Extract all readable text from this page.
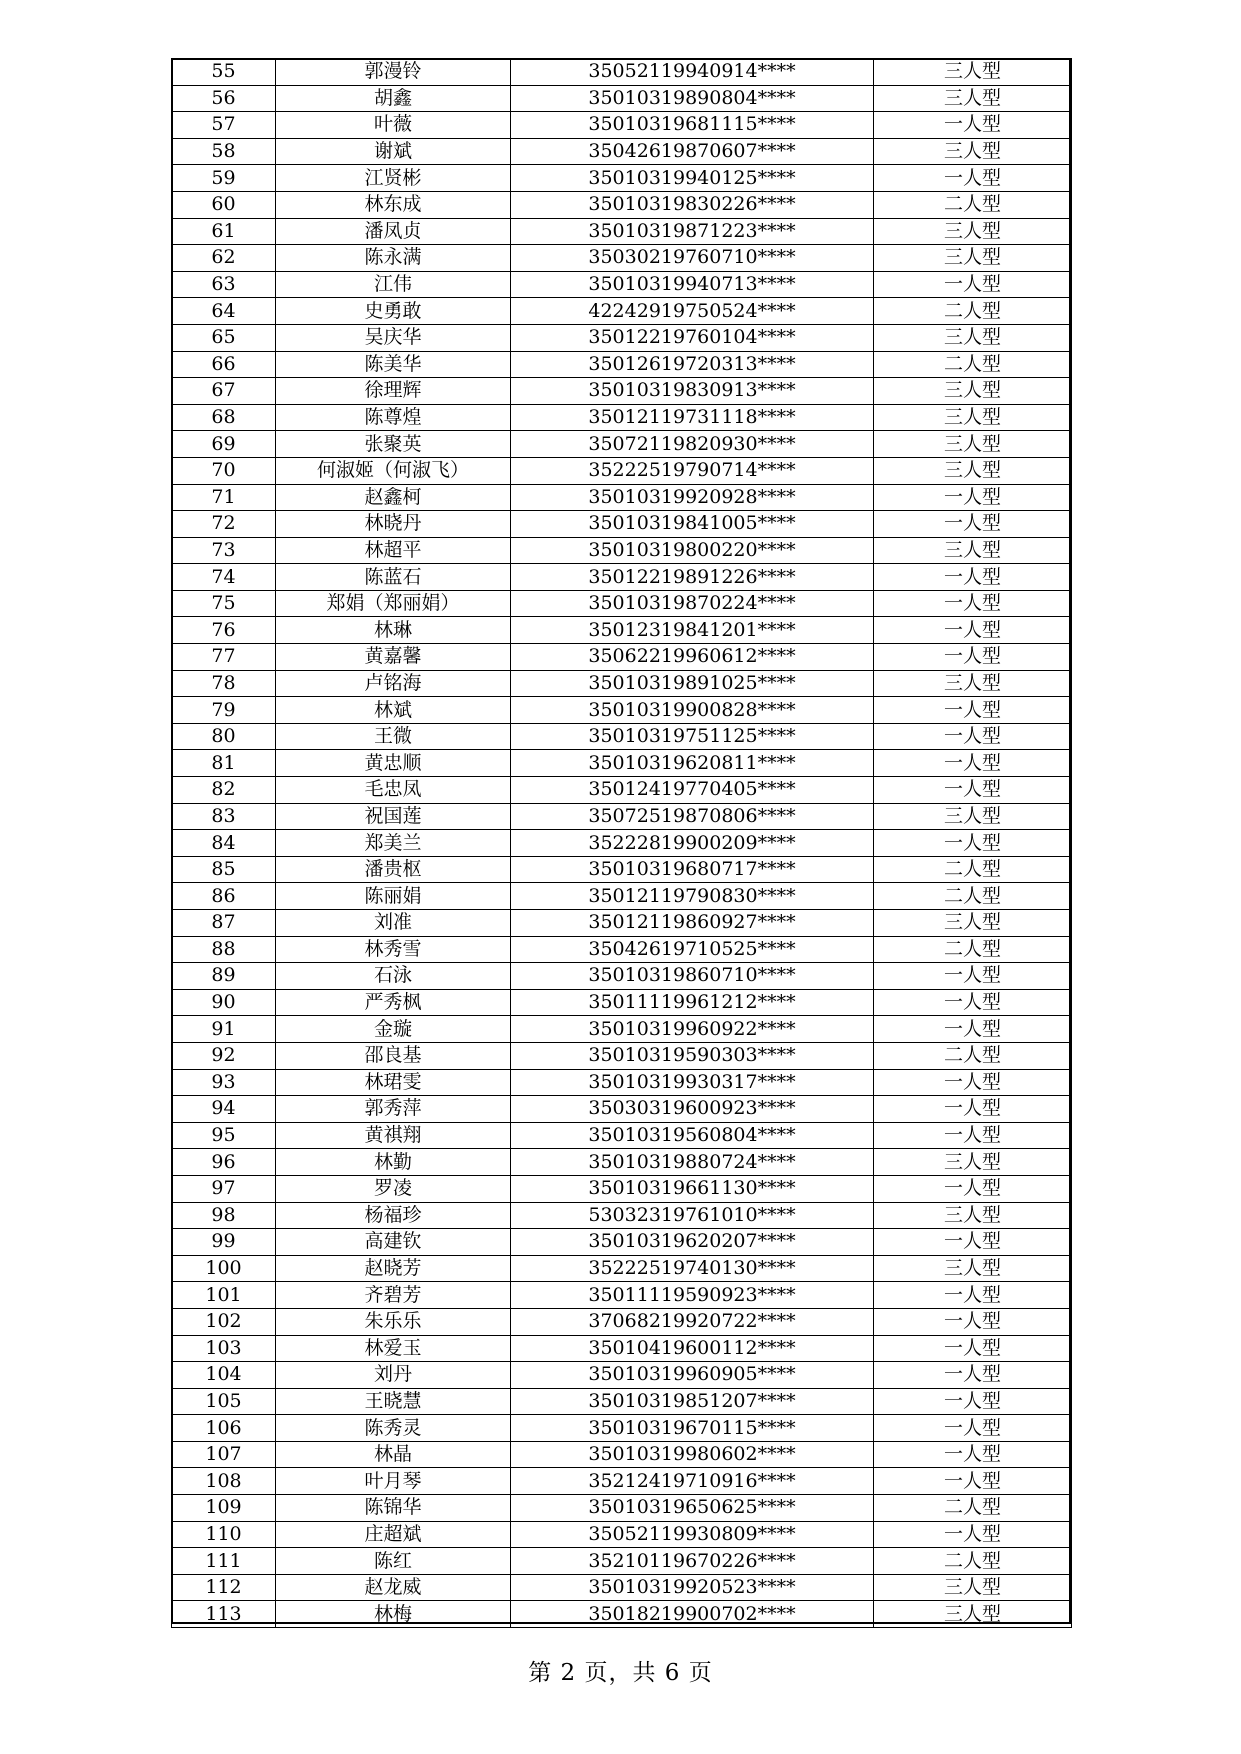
55	郭漫铃	35052119940914****	三人型
56	胡鑫	35010319890804****	三人型
57	叶薇	35010319681115****	一人型
58	谢斌	35042619870607****	三人型
59	江贤彬	35010319940125****	一人型
60	林东成	35010319830226****	二人型
61	潘凤贞	35010319871223****	三人型
62	陈永满	35030219760710****	三人型
63	江伟	35010319940713****	一人型
64	史勇敢	42242919750524****	二人型
65	吴庆华	35012219760104****	三人型
66	陈美华	35012619720313****	二人型
67	徐理辉	35010319830913****	三人型
68	陈尊煌	35012119731118****	三人型
69	张聚英	35072119820930****	三人型
70	何淑姬（何淑飞）	35222519790714****	三人型
71	赵鑫柯	35010319920928****	一人型
72	林晓丹	35010319841005****	一人型
73	林超平	35010319800220****	三人型
74	陈蓝石	35012219891226****	一人型
75	郑娟（郑丽娟）	35010319870224****	一人型
76	林琳	35012319841201****	一人型
77	黄嘉馨	35062219960612****	一人型
78	卢铭海	35010319891025****	三人型
79	林斌	35010319900828****	一人型
80	王微	35010319751125****	一人型
81	黄忠顺	35010319620811****	一人型
82	毛忠凤	35012419770405****	一人型
83	祝国莲	35072519870806****	三人型
84	郑美兰	35222819900209****	一人型
85	潘贵枢	35010319680717****	二人型
86	陈丽娟	35012119790830****	二人型
87	刘准	35012119860927****	三人型
88	林秀雪	35042619710525****	二人型
89	石泳	35010319860710****	一人型
90	严秀枫	35011119961212****	一人型
91	金璇	35010319960922****	一人型
92	邵良基	35010319590303****	二人型
93	林珺雯	35010319930317****	一人型
94	郭秀萍	35030319600923****	一人型
95	黄祺翔	35010319560804****	一人型
96	林勤	35010319880724****	三人型
97	罗凌	35010319661130****	一人型
98	杨福珍	53032319761010****	三人型
99	高建钦	35010319620207****	一人型
100	赵晓芳	35222519740130****	三人型
101	齐碧芳	35011119590923****	一人型
102	朱乐乐	37068219920722****	一人型
103	林爱玉	35010419600112****	一人型
104	刘丹	35010319960905****	一人型
105	王晓慧	35010319851207****	一人型
106	陈秀灵	35010319670115****	一人型
107	林晶	35010319980602****	一人型
108	叶月琴	35212419710916****	一人型
109	陈锦华	35010319650625****	二人型
110	庄超斌	35052119930809****	一人型
111	陈红	35210119670226****	二人型
112	赵龙威	35010319920523****	三人型
113	林梅	35018219900702****	三人型
第 2 页，共 6 页
